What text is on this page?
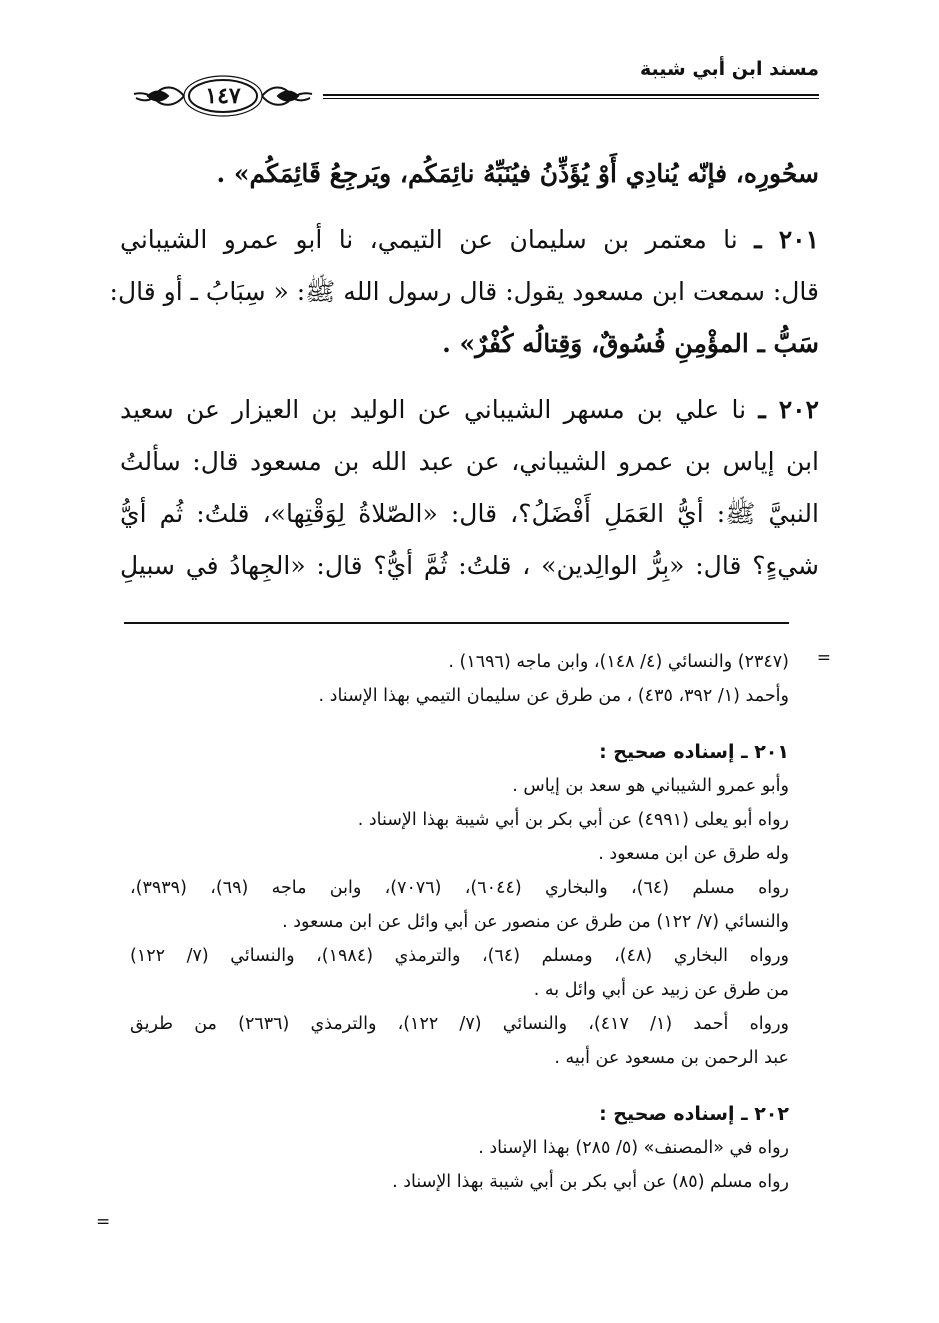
مسند ابن أبي شيبة
١٤٧
سحُورِه، فإنّه يُنادِي أَوْ يُؤَذِّنُ فيُنَبِّهُ نائِمَكُم، ويَرجِعُ قَائِمَكُم» .
٢٠١ ـ نا معتمر بن سليمان عن التيمي، نا أبو عمرو الشيباني
قال: سمعت ابن مسعود يقول: قال رسول الله ﷺ: « سِبَابُ ـ أو قال:
سَبُّ ـ المؤْمِنِ فُسُوقٌ، وَقِتالُه كُفْرٌ» .
٢٠٢ ـ نا علي بن مسهر الشيباني عن الوليد بن العيزار عن سعيد
ابن إياس بن عمرو الشيباني، عن عبد الله بن مسعود قال: سألتُ
النبيَّ ﷺ: أيُّ العَمَلِ أَفْضَلُ؟، قال: «الصّلاةُ لِوَقْتِها»، قلتُ: ثُم أيُّ
شيءٍ؟ قال: «بِرُّ الوالِدين» ، قلتُ: ثُمَّ أيُّ؟ قال: «الجِهادُ في سبيلِ
=
(٢٣٤٧) والنسائي (٤/ ١٤٨)، وابن ماجه (١٦٩٦) .
وأحمد (١/ ٣٩٢، ٤٣٥) ، من طرق عن سليمان التيمي بهذا الإسناد .
٢٠١ ـ إسناده صحيح :
وأبو عمرو الشيباني هو سعد بن إياس .
رواه أبو يعلى (٤٩٩١) عن أبي بكر بن أبي شيبة بهذا الإسناد .
وله طرق عن ابن مسعود .
رواه مسلم (٦٤)، والبخاري (٦٠٤٤)، (٧٠٧٦)، وابن ماجه (٦٩)، (٣٩٣٩)،
والنسائي (٧/ ١٢٢) من طرق عن منصور عن أبي وائل عن ابن مسعود .
ورواه البخاري (٤٨)، ومسلم (٦٤)، والترمذي (١٩٨٤)، والنسائي (٧/ ١٢٢)
من طرق عن زبيد عن أبي وائل به .
ورواه أحمد (١/ ٤١٧)، والنسائي (٧/ ١٢٢)، والترمذي (٢٦٣٦) من طريق
عبد الرحمن بن مسعود عن أبيه .
٢٠٢ ـ إسناده صحيح :
رواه في «المصنف» (٥/ ٢٨٥) بهذا الإسناد .
رواه مسلم (٨٥) عن أبي بكر بن أبي شيبة بهذا الإسناد .
=
